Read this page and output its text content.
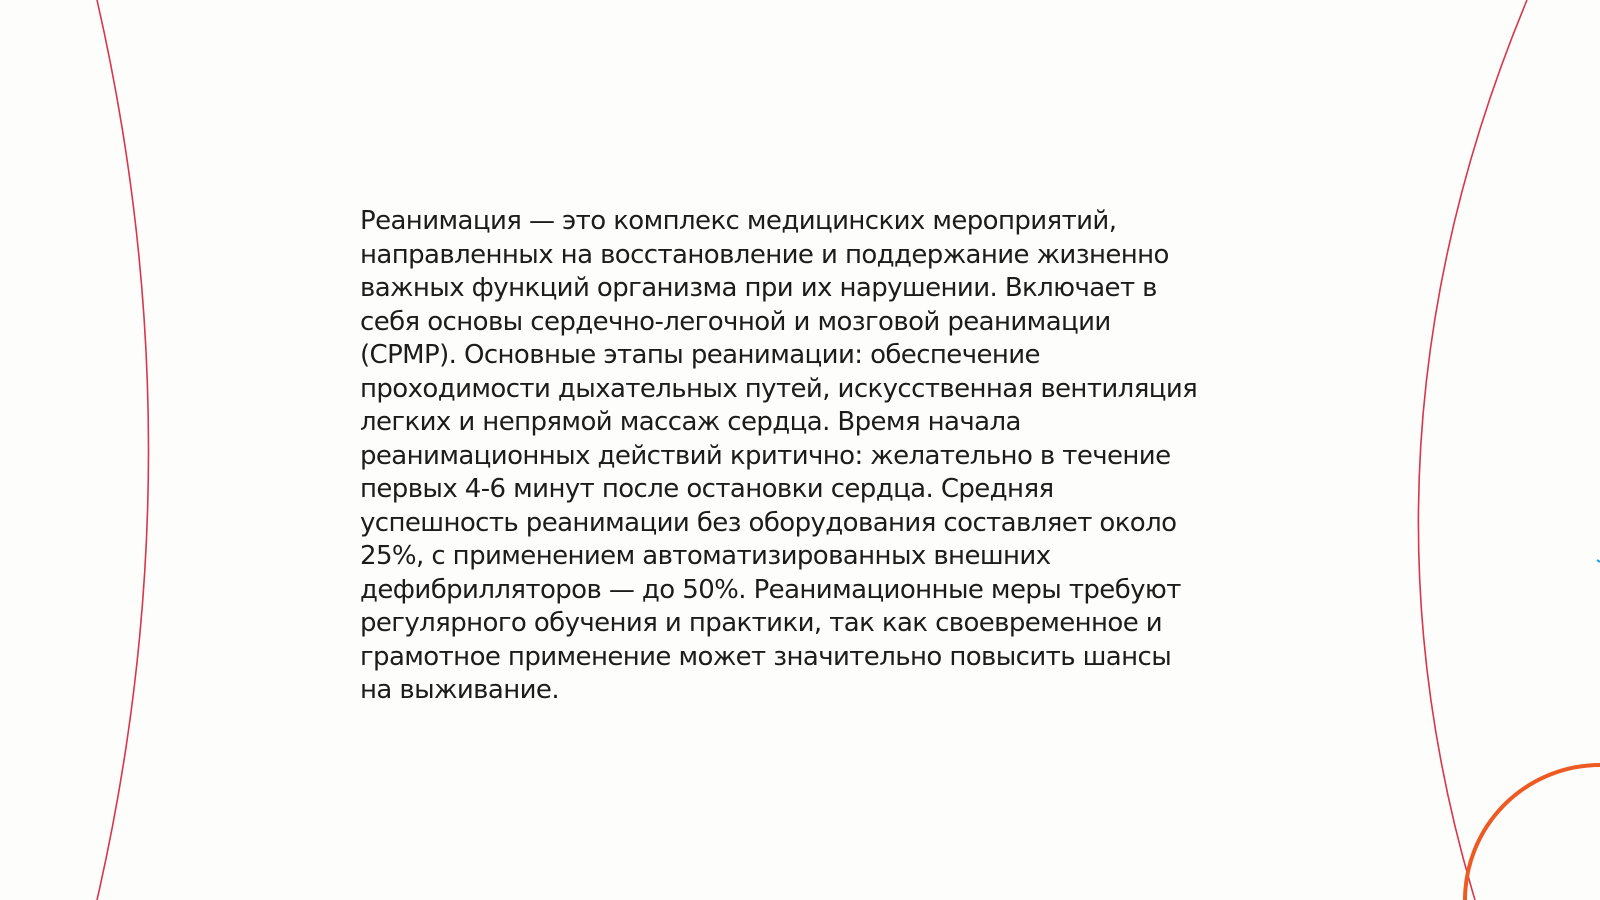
Реанимация — это комплекс медицинских мероприятий,
направленных на восстановление и поддержание жизненно
важных функций организма при их нарушении. Включает в
себя основы сердечно-легочной и мозговой реанимации
(СРМР). Основные этапы реанимации: обеспечение
проходимости дыхательных путей, искусственная вентиляция
легких и непрямой массаж сердца. Время начала
реанимационных действий критично: желательно в течение
первых 4-6 минут после остановки сердца. Средняя
успешность реанимации без оборудования составляет около
25%, с применением автоматизированных внешних
дефибрилляторов — до 50%. Реанимационные меры требуют
регулярного обучения и практики, так как своевременное и
грамотное применение может значительно повысить шансы
на выживание.
